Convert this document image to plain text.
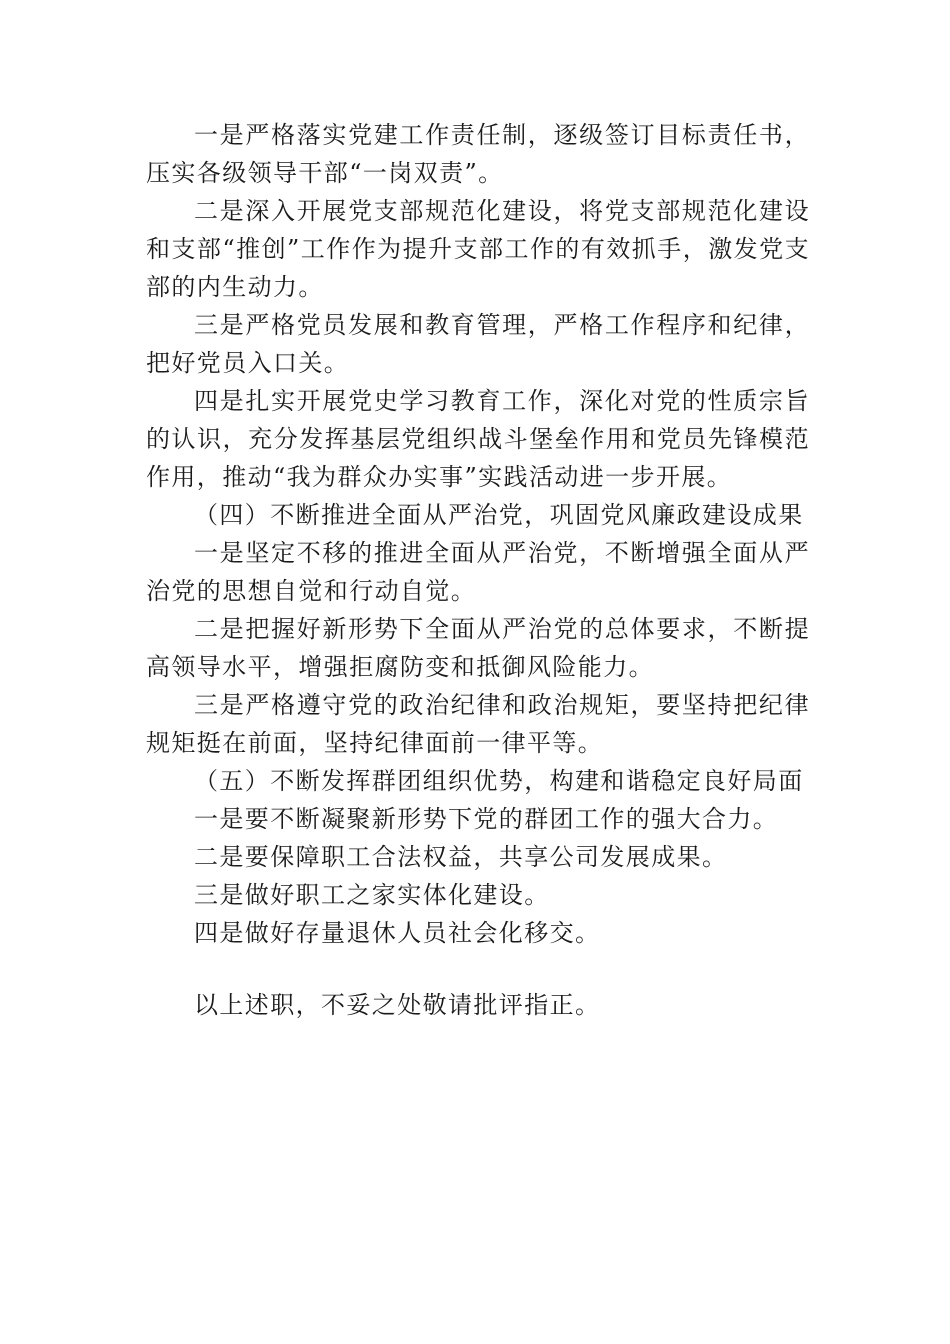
一是严格落实党建工作责任制，逐级签订目标责任书，压实各级领导干部“一岗双责”。

二是深入开展党支部规范化建设，将党支部规范化建设和支部“推创”工作作为提升支部工作的有效抓手，激发党支部的内生动力。

三是严格党员发展和教育管理，严格工作程序和纪律，把好党员入口关。

四是扎实开展党史学习教育工作，深化对党的性质宗旨的认识，充分发挥基层党组织战斗堡垒作用和党员先锋模范作用，推动“我为群众办实事”实践活动进一步开展。

（四）不断推进全面从严治党，巩固党风廉政建设成果

一是坚定不移的推进全面从严治党，不断增强全面从严治党的思想自觉和行动自觉。

二是把握好新形势下全面从严治党的总体要求，不断提高领导水平，增强拒腐防变和抵御风险能力。

三是严格遵守党的政治纪律和政治规矩，要坚持把纪律规矩挺在前面，坚持纪律面前一律平等。

（五）不断发挥群团组织优势，构建和谐稳定良好局面

一是要不断凝聚新形势下党的群团工作的强大合力。

二是要保障职工合法权益，共享公司发展成果。

三是做好职工之家实体化建设。

四是做好存量退休人员社会化移交。

以上述职，不妥之处敬请批评指正。
